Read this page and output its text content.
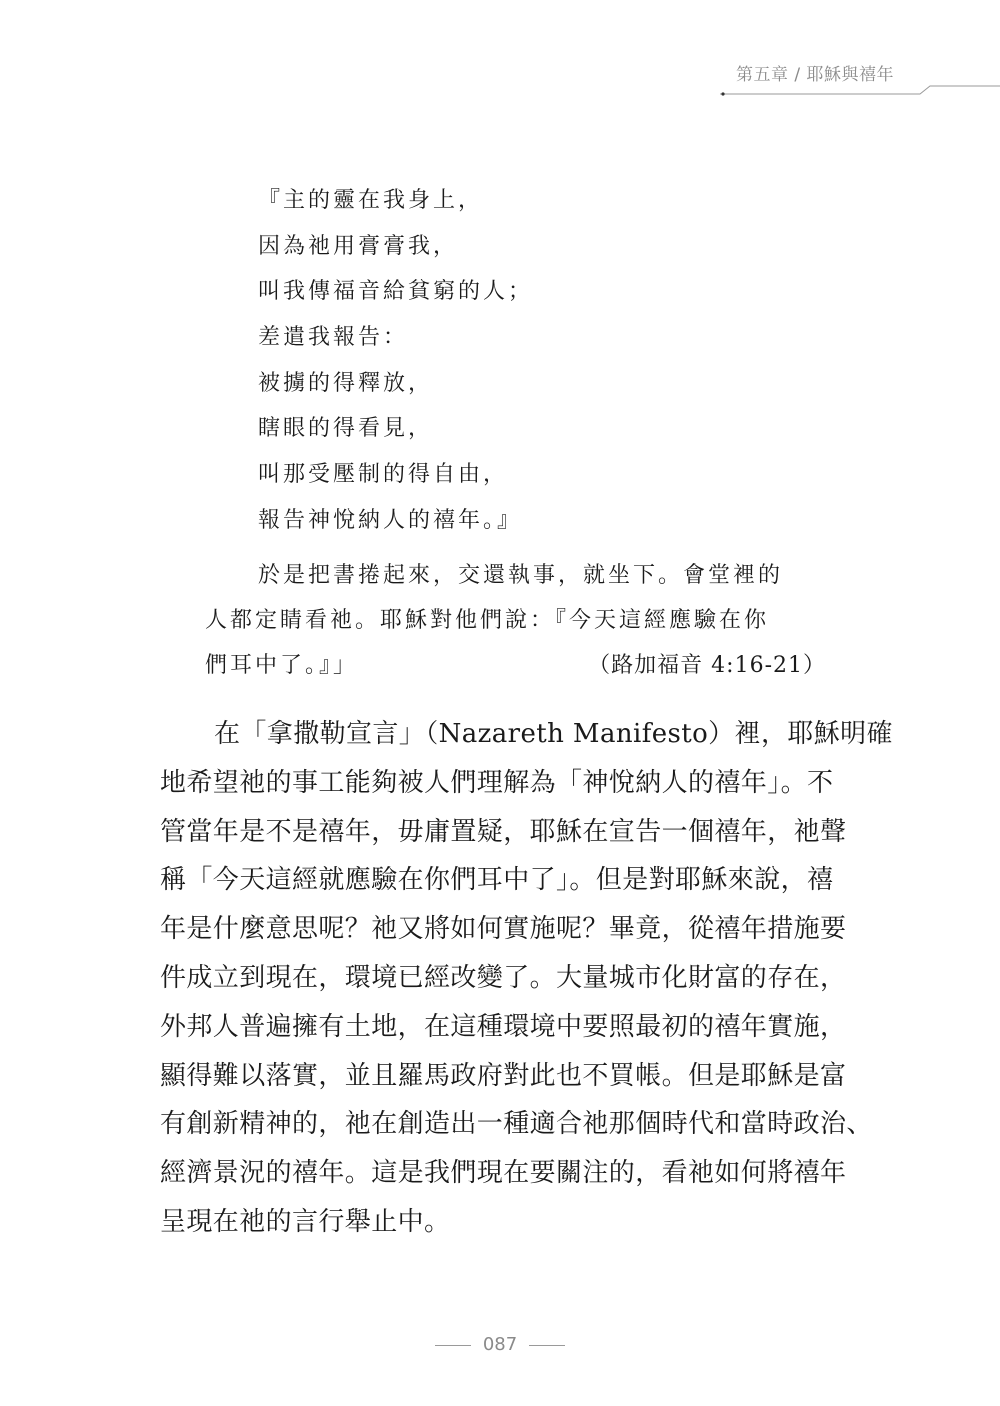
第五章 / 耶穌與禧年
『主的靈在我身上，
因為祂用膏膏我，
叫我傳福音給貧窮的人；
差遣我報告：
被擄的得釋放，
瞎眼的得看見，
叫那受壓制的得自由，
報告神悅納人的禧年。』
於是把書捲起來，交還執事，就坐下。會堂裡的
人都定睛看祂。耶穌對他們說：『今天這經應驗在你
們耳中了。』」	（路加福音 4:16-21）
在「拿撒勒宣言」（Nazareth Manifesto）裡，耶穌明確
地希望祂的事工能夠被人們理解為「神悅納人的禧年」。不
管當年是不是禧年，毋庸置疑，耶穌在宣告一個禧年，祂聲
稱「今天這經就應驗在你們耳中了」。但是對耶穌來說，禧
年是什麼意思呢？祂又將如何實施呢？畢竟，從禧年措施要
件成立到現在，環境已經改變了。大量城市化財富的存在，
外邦人普遍擁有土地，在這種環境中要照最初的禧年實施，
顯得難以落實，並且羅馬政府對此也不買帳。但是耶穌是富
有創新精神的，祂在創造出一種適合祂那個時代和當時政治、
經濟景況的禧年。這是我們現在要關注的，看祂如何將禧年
呈現在祂的言行舉止中。
087
